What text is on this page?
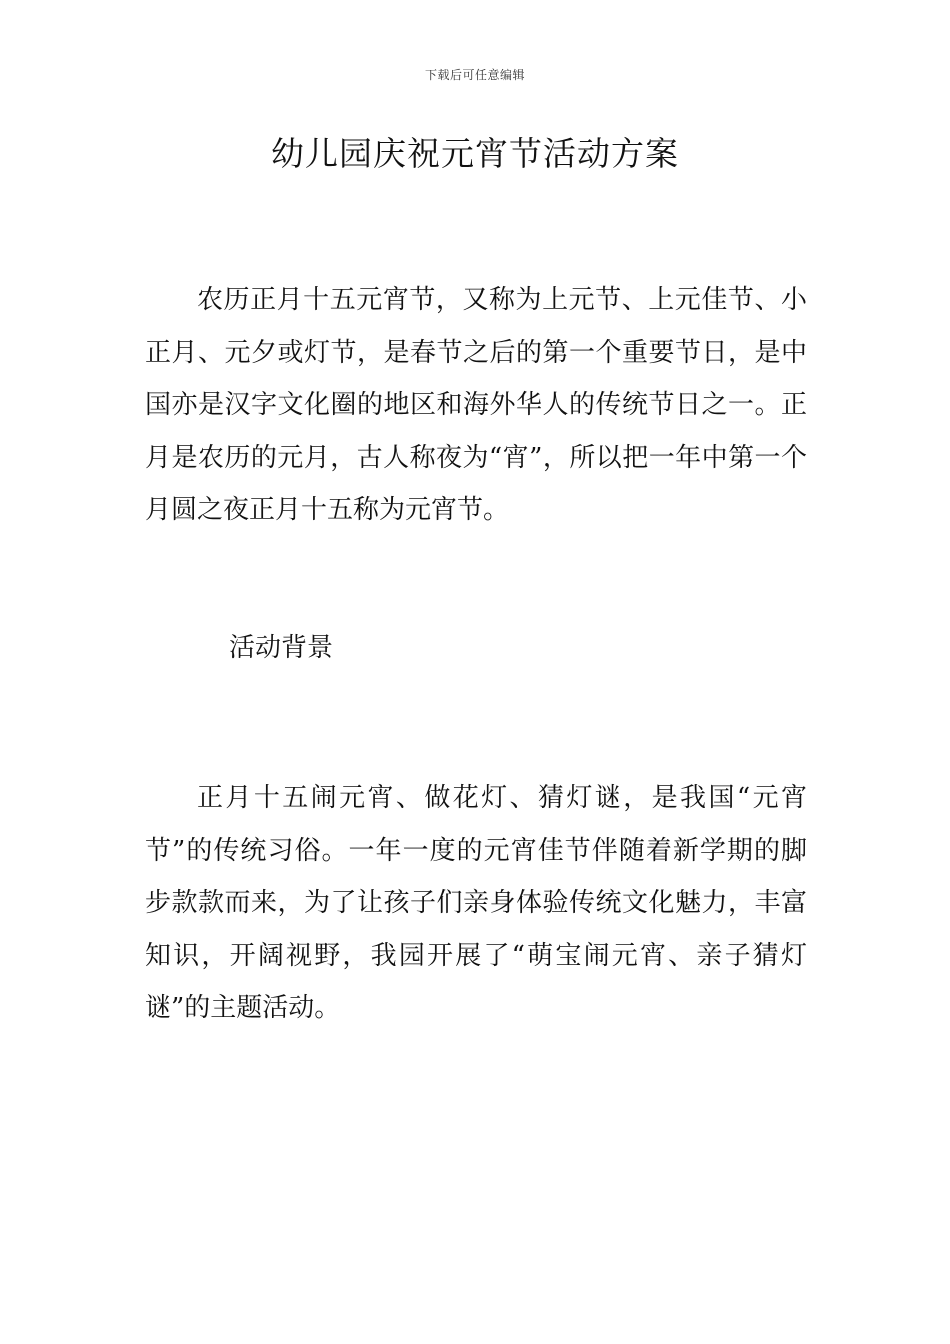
下载后可任意编辑
幼儿园庆祝元宵节活动方案

农历正月十五元宵节，又称为上元节、上元佳节、小正月、元夕或灯节，是春节之后的第一个重要节日，是中国亦是汉字文化圈的地区和海外华人的传统节日之一。正月是农历的元月，古人称夜为“宵”，所以把一年中第一个月圆之夜正月十五称为元宵节。

活动背景

正月十五闹元宵、做花灯、猜灯谜，是我国“元宵节”的传统习俗。一年一度的元宵佳节伴随着新学期的脚步款款而来，为了让孩子们亲身体验传统文化魅力，丰富知识，开阔视野，我园开展了“萌宝闹元宵、亲子猜灯谜”的主题活动。
